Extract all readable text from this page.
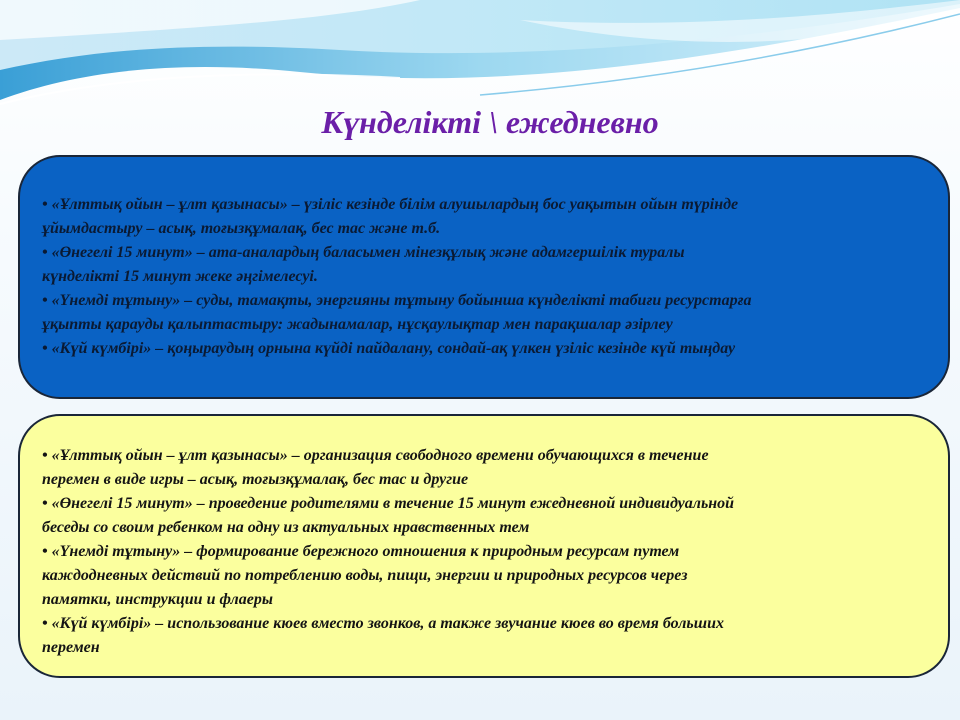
Күнделікті \ ежедневно

• «Ұлттық ойын – ұлт қазынасы» – үзіліс кезінде білім алушылардың бос уақытын ойын түрінде
ұйымдастыру – асық, тоғызқұмалақ, бес тас және т.б.

• «Өнегелі 15 минут» – ата-аналардың баласымен мінезқұлық және адамгершілік туралы
күнделікті 15 минут жеке әңгімелесуі.

• «Үнемді тұтыну» – суды, тамақты, энергияны тұтыну бойынша күнделікті табиғи ресурстарға
ұқыпты қарауды қалыптастыру: жадынамалар, нұсқаулықтар мен парақшалар әзірлеу

• «Күй күмбірі» – қоңыраудың орнына күйді пайдалану, сондай-ақ үлкен үзіліс кезінде күй тыңдау

• «Ұлттық ойын – ұлт қазынасы» – организация свободного времени обучающихся в течение
перемен в виде игры – асық, тоғызқұмалақ, бес тас и другие

• «Өнегелі 15 минут» – проведение родителями в течение 15 минут ежедневной индивидуальной
беседы со своим ребенком на одну из актуальных нравственных тем

• «Үнемді тұтыну» – формирование бережного отношения к природным ресурсам путем
каждодневных действий по потреблению воды, пищи, энергии и природных ресурсов через
памятки, инструкции и флаеры

• «Күй күмбірі» – использование кюев вместо звонков, а также звучание кюев во время больших
перемен
